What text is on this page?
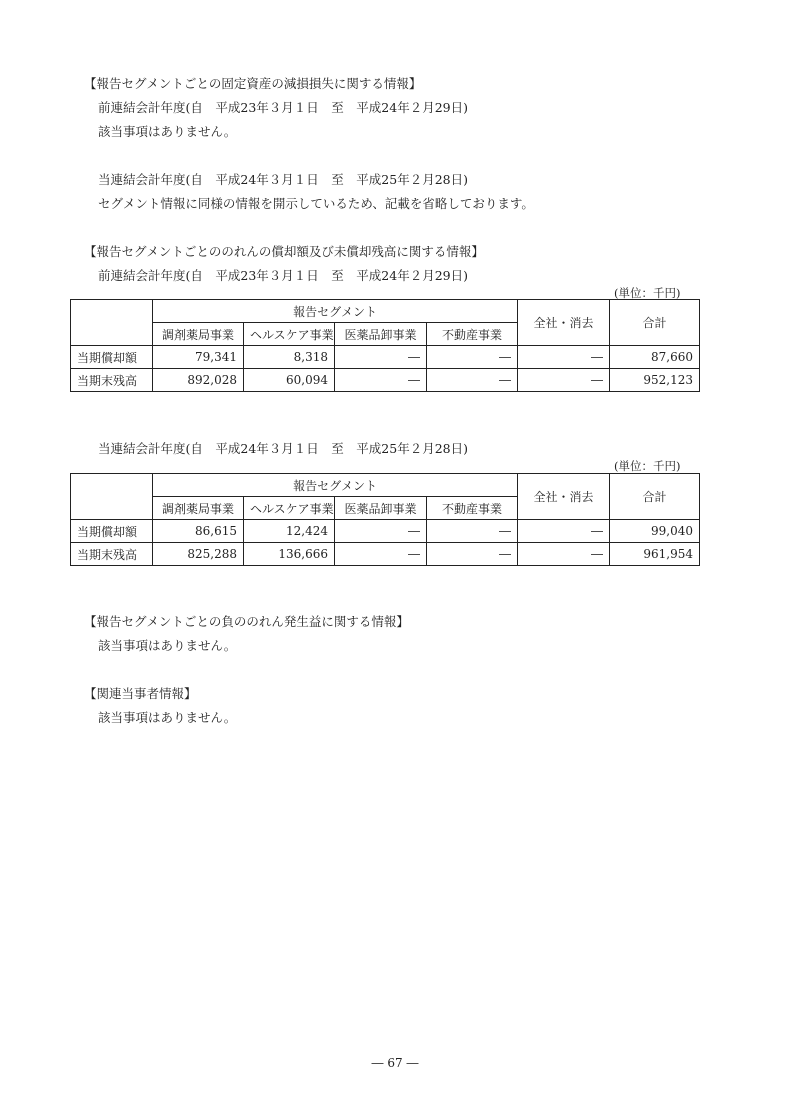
【報告セグメントごとの固定資産の減損損失に関する情報】
前連結会計年度(自　平成23年３月１日　至　平成24年２月29日)
該当事項はありません。
当連結会計年度(自　平成24年３月１日　至　平成25年２月28日)
セグメント情報に同様の情報を開示しているため、記載を省略しております。
【報告セグメントごとののれんの償却額及び未償却残高に関する情報】
前連結会計年度(自　平成23年３月１日　至　平成24年２月29日)
(単位：千円)
	報告セグメント				全社・消去	合計
	調剤薬局事業	ヘルスケア事業	医薬品卸事業	不動産事業		
当期償却額	79,341	8,318	―	―	―	87,660
当期末残高	892,028	60,094	―	―	―	952,123
当連結会計年度(自　平成24年３月１日　至　平成25年２月28日)
(単位：千円)
	報告セグメント				全社・消去	合計
	調剤薬局事業	ヘルスケア事業	医薬品卸事業	不動産事業		
当期償却額	86,615	12,424	―	―	―	99,040
当期末残高	825,288	136,666	―	―	―	961,954
【報告セグメントごとの負ののれん発生益に関する情報】
該当事項はありません。
【関連当事者情報】
該当事項はありません。
― 67 ―
